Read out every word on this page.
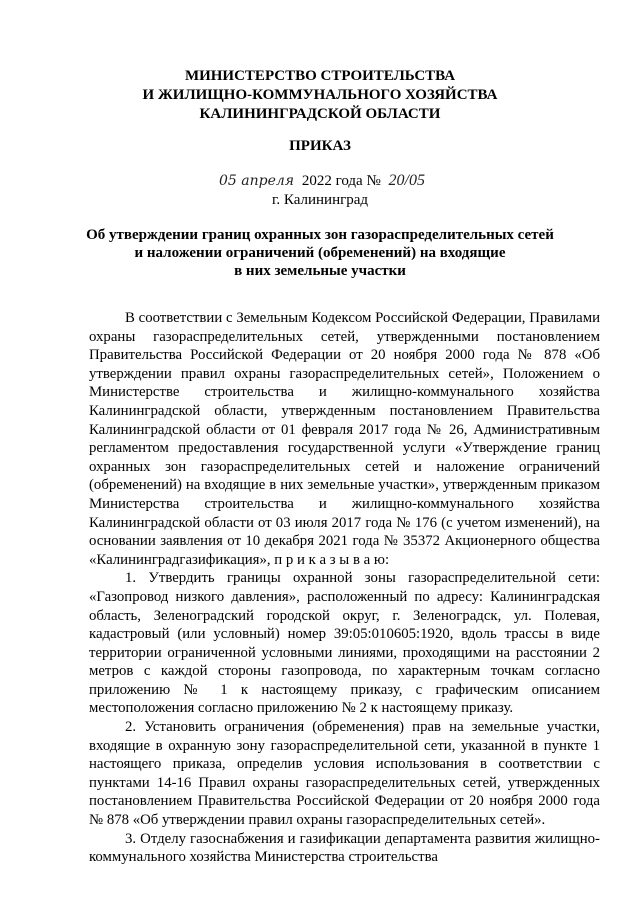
МИНИСТЕРСТВО СТРОИТЕЛЬСТВА
И ЖИЛИЩНО-КОММУНАЛЬНОГО ХОЗЯЙСТВА
КАЛИНИНГРАДСКОЙ ОБЛАСТИ
ПРИКАЗ
05 апреля 2022 года № 20/05
г. Калининград
Об утверждении границ охранных зон газораспределительных сетей
и наложении ограничений (обременений) на входящие
в них земельные участки

В соответствии с Земельным Кодексом Российской Федерации, Правилами охраны газораспределительных сетей, утвержденными постановлением Правительства Российской Федерации от 20 ноября 2000 года № 878 «Об утверждении правил охраны газораспределительных сетей», Положением о Министерстве строительства и жилищно-коммунального хозяйства Калининградской области, утвержденным постановлением Правительства Калининградской области от 01 февраля 2017 года № 26, Административным регламентом предоставления государственной услуги «Утверждение границ охранных зон газораспределительных сетей и наложение ограничений (обременений) на входящие в них земельные участки», утвержденным приказом Министерства строительства и жилищно-коммунального хозяйства Калининградской области от 03 июля 2017 года № 176 (с учетом изменений), на основании заявления от 10 декабря 2021 года № 35372 Акционерного общества «Калининградгазификация», п р и к а з ы в а ю:

1. Утвердить границы охранной зоны газораспределительной сети: «Газопровод низкого давления», расположенный по адресу: Калининградская область, Зеленоградский городской округ, г. Зеленоградск, ул. Полевая, кадастровый (или условный) номер 39:05:010605:1920, вдоль трассы в виде территории ограниченной условными линиями, проходящими на расстоянии 2 метров с каждой стороны газопровода, по характерным точкам согласно приложению № 1 к настоящему приказу, с графическим описанием местоположения согласно приложению № 2 к настоящему приказу.

2. Установить ограничения (обременения) прав на земельные участки, входящие в охранную зону газораспределительной сети, указанной в пункте 1 настоящего приказа, определив условия использования в соответствии с пунктами 14-16 Правил охраны газораспределительных сетей, утвержденных постановлением Правительства Российской Федерации от 20 ноября 2000 года № 878 «Об утверждении правил охраны газораспределительных сетей».

3. Отделу газоснабжения и газификации департамента развития жилищно-коммунального хозяйства Министерства строительства
